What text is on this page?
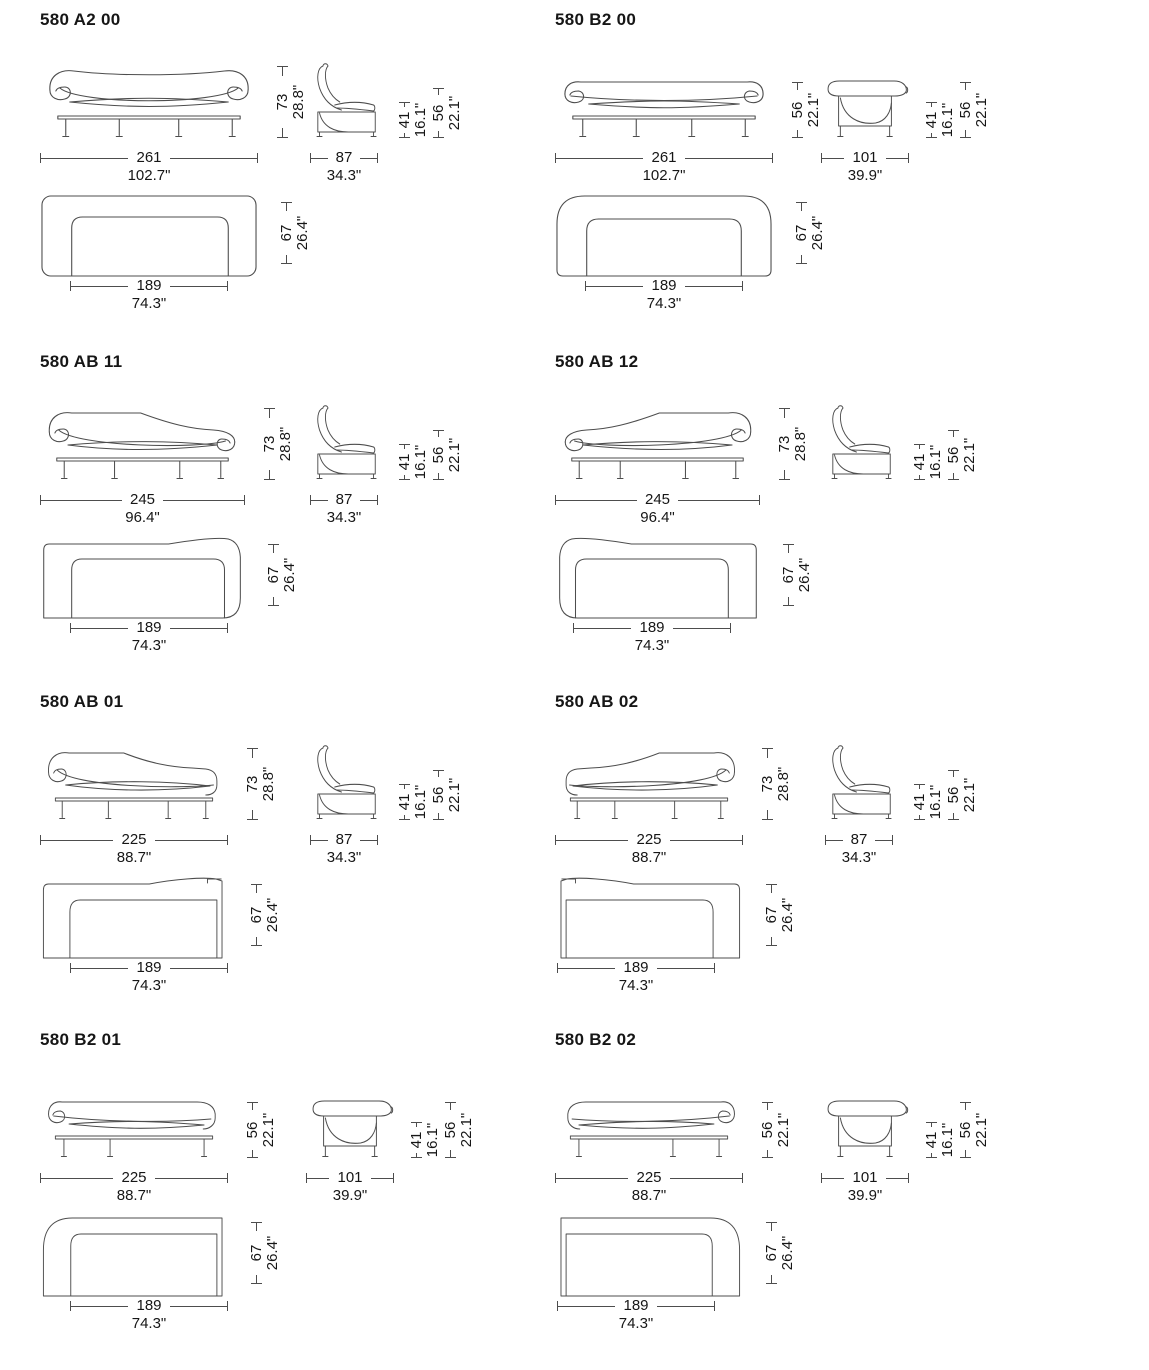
580 A2 00
73 28.8"
41 16.1" 56 22.1"
261
102.7"
87
34.3"
67 26.4"
189
74.3"
580 B2 00
56 22.1"	41 16.1" 56 22.1"
261
102.7"
101
39.9"
67 26.4"
189
74.3"
580 AB 11
73 28.8"
41 16.1" 56 22.1"
245
96.4"
87
34.3"
67 26.4"
189
74.3"
580 AB 12
73 28.8"
41 16.1" 56 22.1"
245
96.4"
67 26.4"
189
74.3"
580 AB 01
73 28.8"
41 16.1" 56 22.1"
225
88.7"
87
34.3"
67 26.4"
189
74.3"
580 AB 02
73 28.8"
41 16.1" 56 22.1"
225
88.7"
87
34.3"
67 26.4"
189
74.3"
580 B2 01
56 22.1"	41 16.1" 56 22.1"
225
88.7"
101
39.9"
67 26.4"
189
74.3"
580 B2 02
56 22.1"	41 16.1" 56 22.1"
225
88.7"
101
39.9"
67 26.4"
189
74.3"
